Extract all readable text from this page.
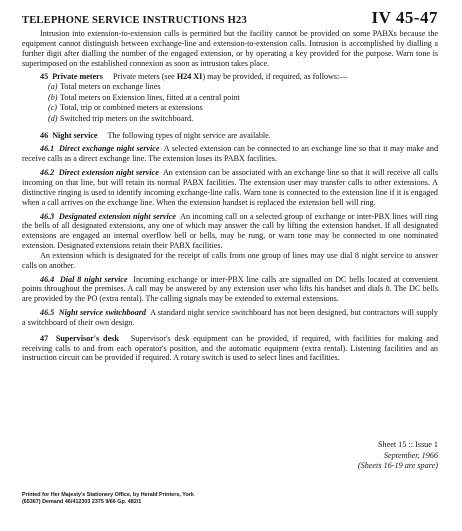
TELEPHONE SERVICE INSTRUCTIONS H23	IV 45-47

Intrusion into extension-to-extension calls is permitted but the facility cannot be provided on some PABXs because the equipment cannot distinguish between exchange-line and extension-to-extension calls. Intrusion is accomplished by dialling a further digit after dialling the number of the engaged extension, or by operating a key provided for the purpose. Warn tone is superimposed on the established connexion as soon as intrusion takes place.

45 Private meters Private meters (see H24 XI) may be provided, if required, as follows:—

(a) Total meters on exchange lines
(b) Total meters on Extension lines, fitted at a central point
(c) Total, trip or combined meters at extensions
(d) Switched trip meters on the switchboard.

46 Night service The following types of night service are available.

46.1 Direct exchange night service A selected extension can be connected to an exchange line so that it may make and receive calls as a direct exchange line. The extension loses its PABX facilities.

46.2 Direct extension night service An extension can be associated with an exchange line so that it will receive all calls incoming on that line, but will retain its normal PABX facilities. The extension user may transfer calls to other extensions. A distinctive ringing is used to identify incoming exchange-line calls. Warn tone is connected to the extension line if it is engaged when a call arrives on the exchange line. When the extension handset is replaced the extension bell will ring.

46.3 Designated extension night service An incoming call on a selected group of exchange or inter-PBX lines will ring the bells of all designated extensions, any one of which may answer the call by lifting the extension handset. If all designated extensions are engaged an internal overflow bell or bells, may be rung, or warn tone may be connected to one nominated extension. Designated extensions retain their PABX facilities.

An extension which is designated for the receipt of calls from one group of lines may use dial 8 night service to answer calls on another.

46.4 Dial 8 night service Incoming exchange or inter-PBX line calls are signalled on DC bells located at convenient points throughout the premises. A call may be answered by any extension user who lifts his handset and dials 8. The DC bells are provided by the PO (extra rental). The calling signals may be extended to external extensions.

46.5 Night service switchboard A standard night service switchboard has not been designed, but contractors will supply a switchboard of their own design.

47 Supervisor's desk Supervisor's desk equipment can be provided, if required, with facilities for making and receiving calls to and from each operator's position, and the automatic equipment (extra rental). Listening facilities and an instruction circuit can be provided if required. A rotary switch is used to select lines and facilities.

Sheet 15 :: Issue 1
September, 1966
(Sheets 16-19 are spare)
Printed for Her Majesty's Stationery Office, by Herald Printers, York
(65367) Demand 46/412303 2375 9/66 Gp. 482/1
